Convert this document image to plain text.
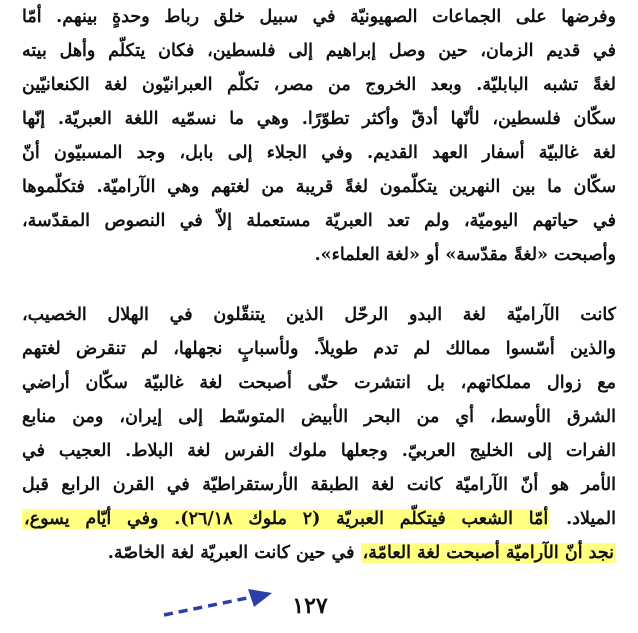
وفرضها على الجماعات الصهيونيّة في سبيل خلق رباط وحدةٍ بينهم. أمّا
في قديم الزمان، حين وصل إبراهيم إلى فلسطين، فكان يتكلّم وأهل بيته
لغةً تشبه البابليّة. وبعد الخروج من مصر، تكلّم العبرانيّون لغة الكنعانيّين
سكّان فلسطين، لأنّها أدقّ وأكثر تطوّرًا. وهي ما نسمّيه اللغة العبريّة. إنّها
لغة غالبيّة أسفار العهد القديم. وفي الجلاء إلى بابل، وجد المسبيّون أنّ
سكّان ما بين النهرين يتكلّمون لغةً قريبة من لغتهم وهي الآراميّة. فتكلّموها
في حياتهم اليوميّة، ولم تعد العبريّة مستعملة إلاّ في النصوص المقدّسة،
وأصبحت «لغةً مقدّسة» أو «لغة العلماء».
كانت الآراميّة لغة البدو الرحّل الذين يتنقّلون في الهلال الخصيب،
والذين أسّسوا ممالك لم تدم طويلاً. ولأسبابٍ نجهلها، لم تنقرض لغتهم
مع زوال مملكاتهم، بل انتشرت حتّى أصبحت لغة غالبيّة سكّان أراضي
الشرق الأوسط، أي من البحر الأبيض المتوسّط إلى إيران، ومن منابع
الفرات إلى الخليج العربيّ. وجعلها ملوك الفرس لغة البلاط. العجيب في
الأمر هو أنّ الآراميّة كانت لغة الطبقة الأرستقراطيّة في القرن الرابع قبل
الميلاد. أمّا الشعب فيتكلّم العبريّة (٢ ملوك ٢٦/١٨). وفي أيّام يسوع،
نجد أنّ الآراميّة أصبحت لغة العامّة، في حين كانت العبريّة لغة الخاصّة.
١٢٧
